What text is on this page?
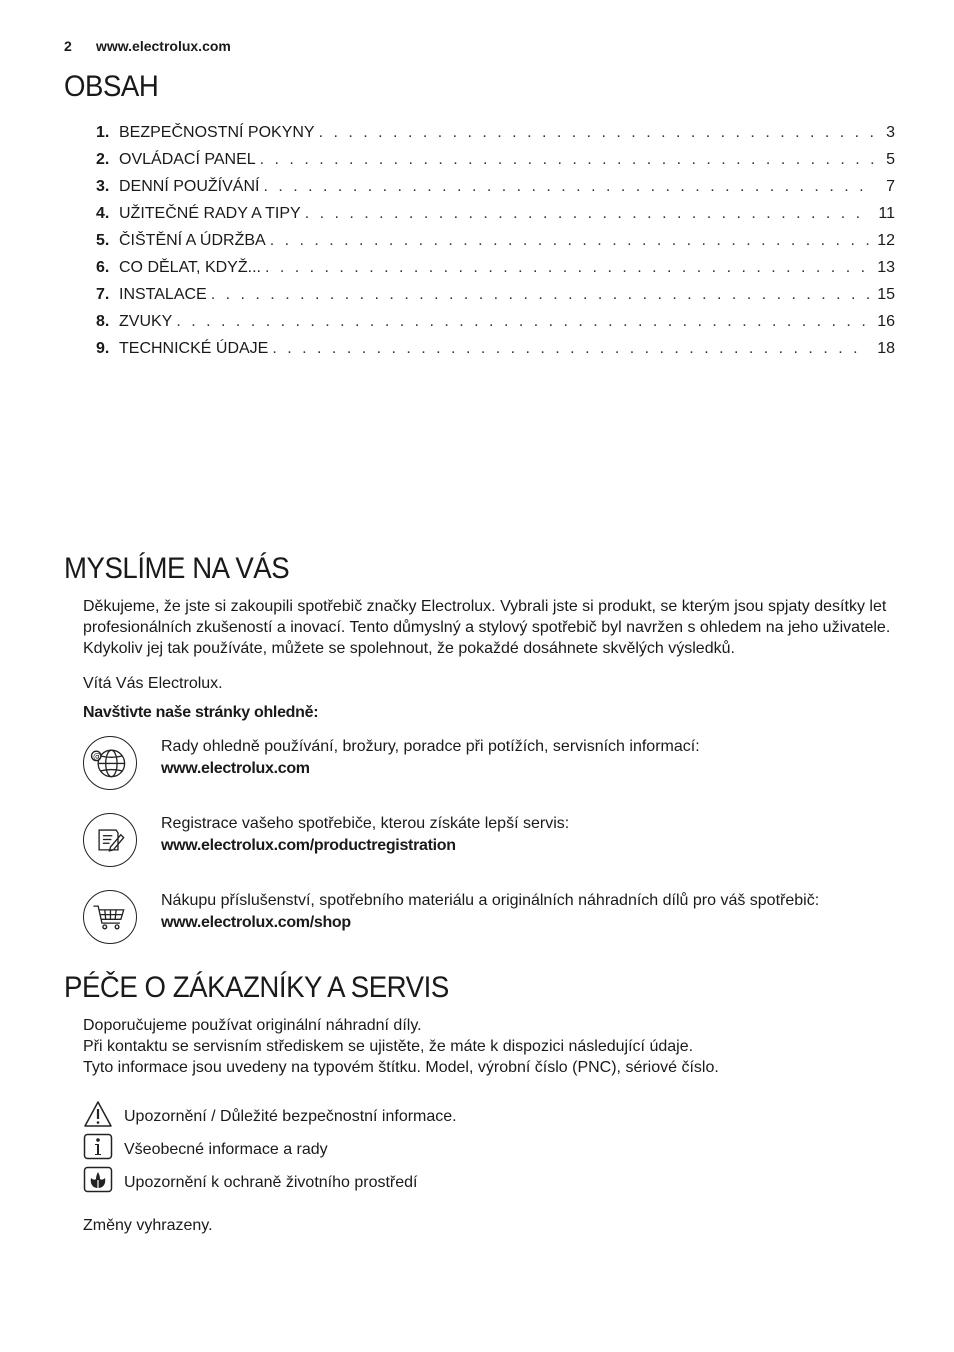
2 www.electrolux.com
OBSAH
1. BEZPEČNOSTNÍ POKYNY . . .	3
2. OVLÁDACÍ PANEL . . .	5
3. DENNÍ POUŽÍVÁNÍ . . .	7
4. UŽITEČNÉ RADY A TIPY . . .	11
5. ČIŠTĚNÍ A ÚDRŽBA . . .	12
6. CO DĚLAT, KDYŽ... . . .	13
7. INSTALACE . . .	15
8. ZVUKY . . .	16
9. TECHNICKÉ ÚDAJE . . .	18
MYSLÍME NA VÁS

Děkujeme, že jste si zakoupili spotřebič značky Electrolux. Vybrali jste si produkt, se kterým jsou spjaty desítky let profesionálních zkušeností a inovací. Tento důmyslný a stylový spotřebič byl navržen s ohledem na jeho uživatele. Kdykoliv jej tak používáte, můžete se spolehnout, že pokaždé dosáhnete skvělých výsledků.

Vítá Vás Electrolux.

Navštivte naše stránky ohledně:

@
Rady ohledně používání, brožury, poradce při potížích, servisních informací:
www.electrolux.com
Registrace vašeho spotřebiče, kterou získáte lepší servis:
www.electrolux.com/productregistration
Nákupu příslušenství, spotřebního materiálu a originálních náhradních dílů pro váš spotřebič:
www.electrolux.com/shop
PÉČE O ZÁKAZNÍKY A SERVIS

Doporučujeme používat originální náhradní díly.

Při kontaktu se servisním střediskem se ujistěte, že máte k dispozici následující údaje.

Tyto informace jsou uvedeny na typovém štítku. Model, výrobní číslo (PNC), sériové číslo.

Upozornění / Důležité bezpečnostní informace.
Všeobecné informace a rady
Upozornění k ochraně životního prostředí

Změny vyhrazeny.
